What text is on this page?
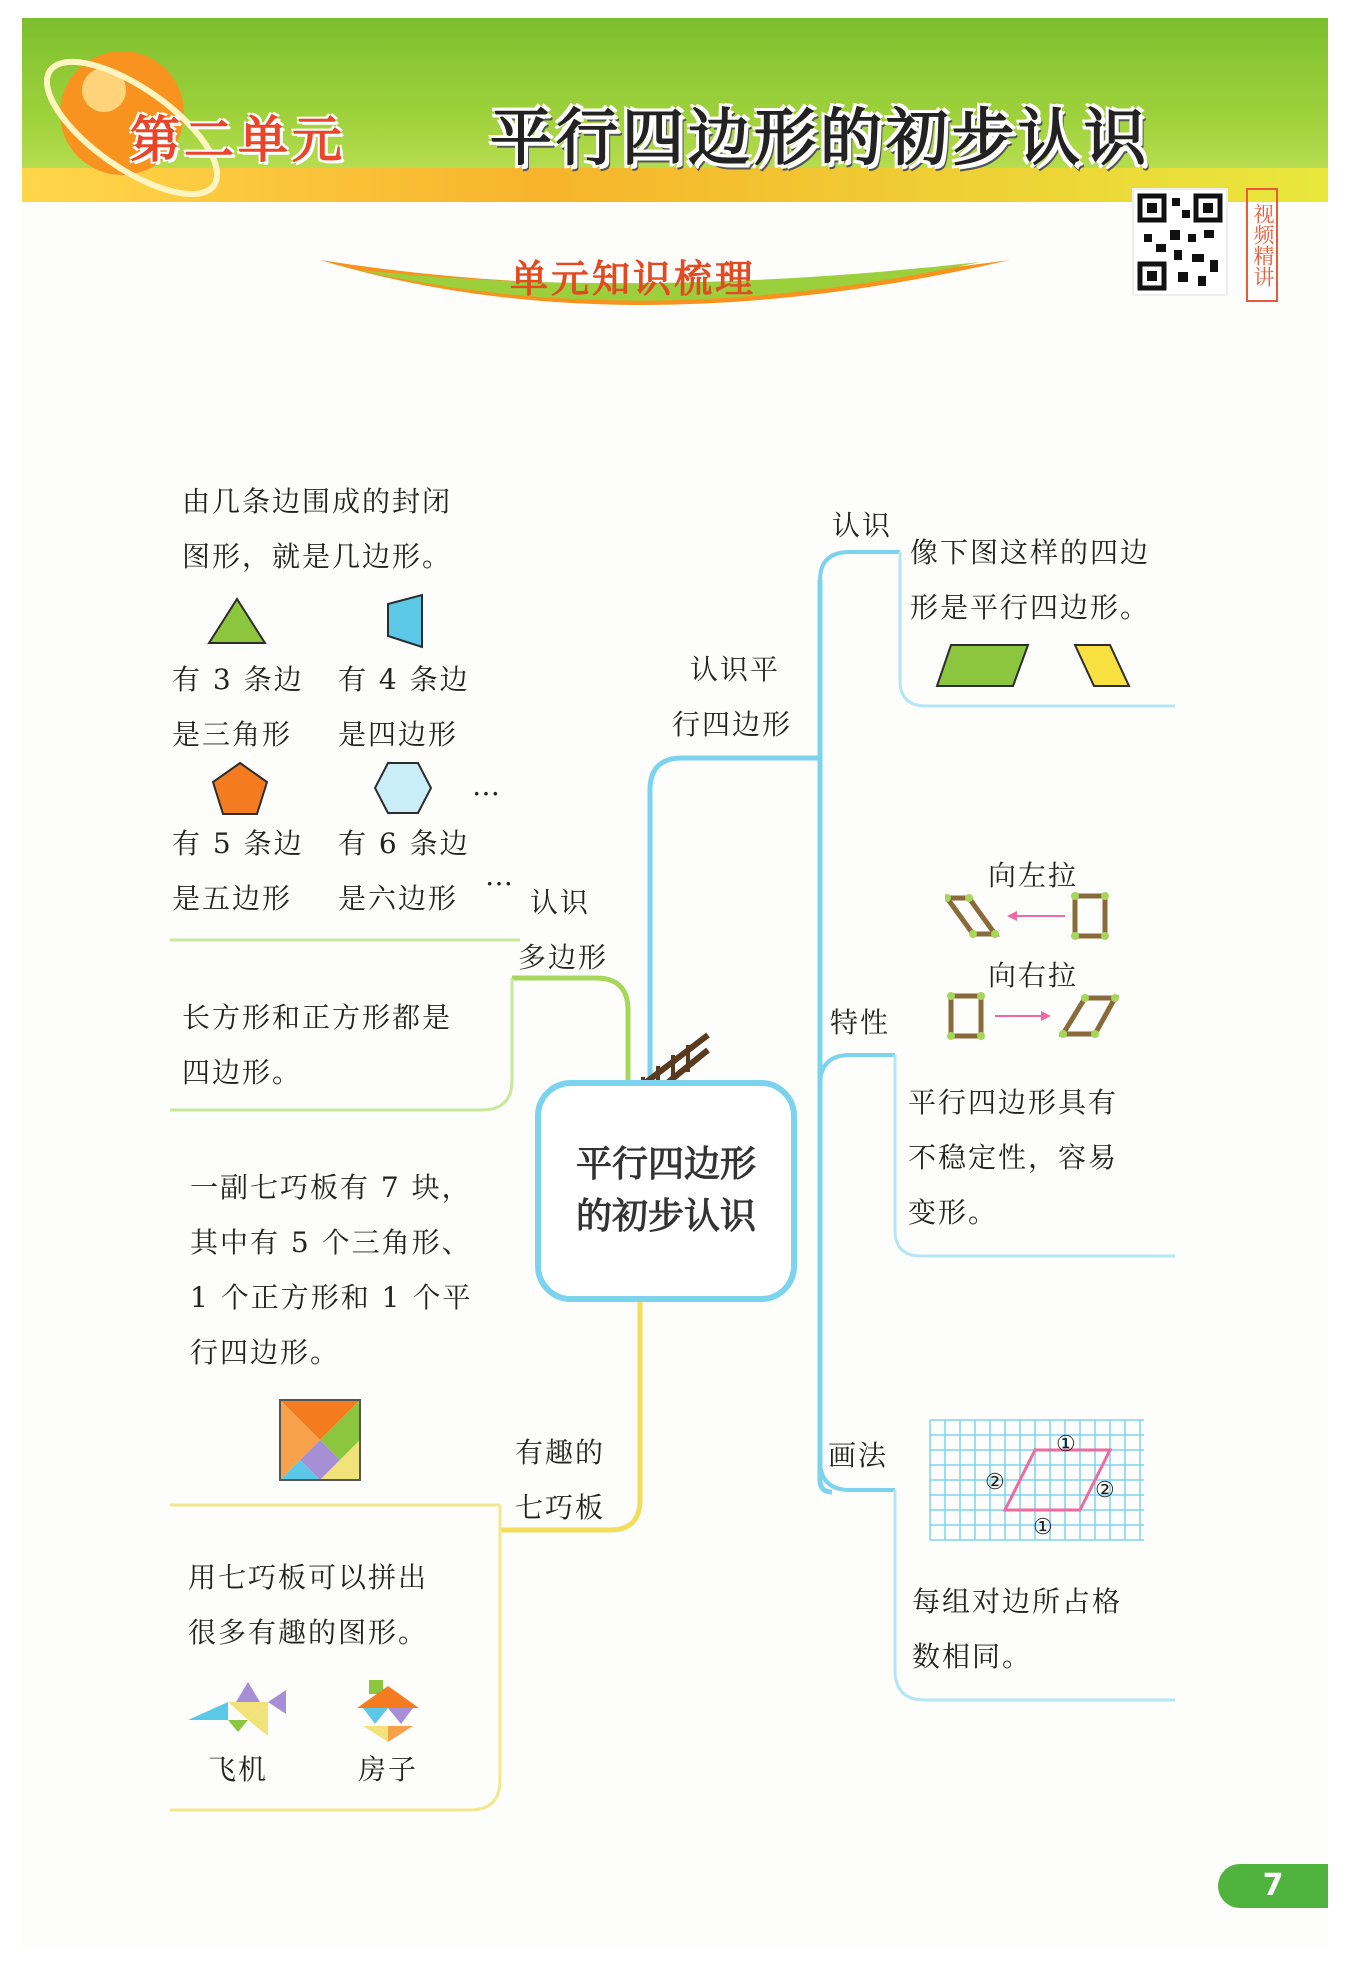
第二单元 平行四边形的初步认识
单元知识梳理	视频精讲
平行四边形
的初步认识
由几条边围成的封闭
图形，就是几边形。
有 3 条边
是三角形
有 4 条边
是四边形
…
有 5 条边
是五边形
有 6 条边
是六边形
…
认识
多边形
长方形和正方形都是
四边形。
一副七巧板有 7 块，
其中有 5 个三角形、
1 个正方形和 1 个平
行四边形。
有趣的
七巧板
用七巧板可以拼出
很多有趣的图形。
飞机	房子
认识平
行四边形
认识
像下图这样的四边
形是平行四边形。
向左拉
向右拉
特性
平行四边形具有
不稳定性，容易
变形。
画法	①
②	②
①
每组对边所占格
数相同。
7
